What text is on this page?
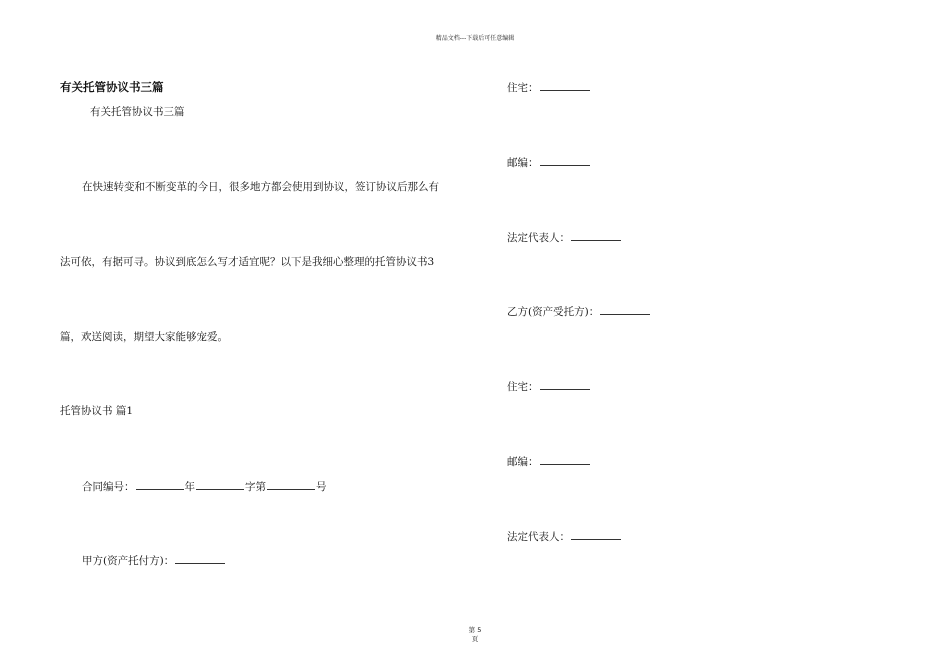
精品文档---下载后可任意编辑
有关托管协议书三篇
有关托管协议书三篇
在快速转变和不断变革的今日，很多地方都会使用到协议，签订协议后那么有
法可依，有据可寻。协议到底怎么写才适宜呢？以下是我细心整理的托管协议书3
篇，欢送阅读，期望大家能够宠爱。
托管协议书 篇1
合同编号：	年	字第	号
甲方(资产托付方)：
住宅：
邮编：
法定代表人：
乙方(资产受托方)：
住宅：
邮编：
法定代表人：
第 5
页
